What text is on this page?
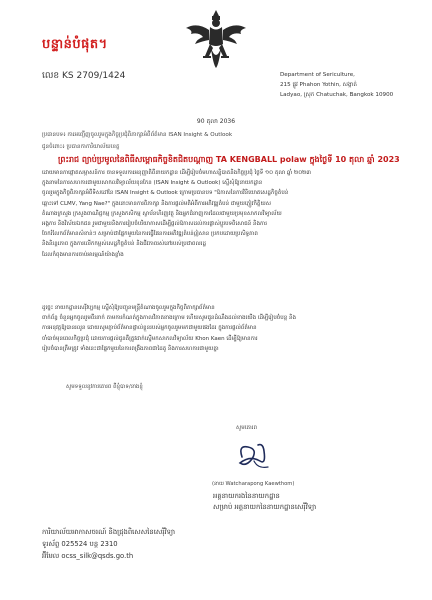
បន្ទាន់បំផុត។
លេខ KS 2709/1424	Department of Sericulture,
215 ផ្លូវ Phahon Yothin, សង្កាត់
Ladyao, ស្រុក Chatuchak, Bangkok 10900
90 តុលា 2036
ប្រធានបទ៖ ការអញ្ជើញចូលរួមក្នុងកិច្ចប្រជុំពិភាក្សាអំពីព័ត៌មាន ISAN Insight & Outlook
ជូនចំពោះ៖ ប្រធានកាការិយាល័យខេត្ត
ព្រះរាជ ព្យាប់ប្រមូលនៃពិធីសម្ពោធកិច្ចខិតជិតបណ្ដាញ TA KENGBALL polaw ក្នុងថ្ងៃទី 10 តុលា ឆ្នាំ 2023
ដោយមានកាផ្តោតសម្ភាសន៍ការ ចានទទួលការអនុញ្ញាតិពីនាយកដ្ឋាន ដើម្បីរៀបចំមហាសន្និបាតនិងកិច្ចប្រជុំ ថ្ងៃទី ១០ តុលា ឆ្នាំ ២០២៣
ក្នុងនាមនៃការសហការជាមួយសាកលវិទ្យាល័យខុនកែន (ISAN Insight & Outlook) ស្នើសុំឱ្យនាយកដ្ឋាន
ចូលរួមក្នុងកិច្ចពិភាក្សាអំពីទិសដៅនៃ ISAN Insight & Outlook ក្រោមប្រធានបទ "ឱកាសនៃការវិនិយោគសេដ្ឋកិច្ចតំបន់
ឆ្ពោះទៅ CLMV, Yang Nae?" ក្នុងនោះមានការពិភាក្សា និងការផ្ដល់មតិអំពីការអភិវឌ្ឍតំបន់ ជាមួយភ្ញៀវកិត្តិយស
តំណាងក្រសួង ក្រសួងពាណិជ្ជកម្ម ក្រសួងកសិកម្ម ស្ថាប័នហិរញ្ញវត្ថុ និងអ្នកជំនាញការដែលជាមួយប្រមុខសាកលវិទ្យាល័យ
អង្គការ និងវិស័យឯកជន រួមជាមួយនិងការរៀបចំបរិយាកាសដើម្បីផ្ដល់ឱកាសដល់ការផ្លាស់ប្ដូរបទពិសោធន៍ និងការ
ចែករំលែកព័ត៌មានសំខាន់ៗ សម្រាប់ជាផ្នែកមួយនៃការធ្វើផែនការអភិវឌ្ឍតំបន់ឦសាន ប្រកបដោយប្រសិទ្ធភាព
និងនិរន្តរភាព ក្នុងការលើកកម្ពស់សេដ្ឋកិច្ចតំបន់ និងជីវភាពរស់នៅរបស់ប្រជាពលរដ្ឋ
ដែលកំពុងមានការចាប់អារម្មណ៍យ៉ាងខ្លាំង
ដូច្នេះ នាយកដ្ឋានសេរ៉ីវប្បកម្ម ស្នើសុំឱ្យបញ្ជូនមន្ត្រីតំណាងចូលរួមក្នុងកិច្ចពិភាក្សាព័ត៌មាន
ពាក់ព័ន្ធ ចំនួនអ្នកចូលរួមពីរនាក់ តាមការកំណត់ក្នុងកាលវិភាគខាងក្រោម ហើយសូមជូនដំណឹងដល់ខាងយើង ដើម្បីរៀបចំបន្ត និង
ការអនុវត្តឱ្យបានរលូន ដោយសូមភ្ជាប់ព័ត៌មានផ្ទាល់ខ្លួនរបស់អ្នកចូលរួមមកជាមួយផងដែរ ក្នុងការផ្តល់ព័ត៌មាន
ចាំបាច់មុនពេលកិច្ចប្រជុំ ដោយការផ្តល់ជូនគឺត្រូវដាក់ស្នើមកសាកលវិទ្យាល័យ Khon Kaen ដើម្បីឱ្យមានការ
រៀបចំបានត្រឹមត្រូវ ទាំងនេះជាផ្នែកមួយនៃការពង្រឹងភាពជាដៃគូ និងការសហការជាមួយគ្នា
សូមទទួលនូវការគោរព ពីខ្ញុំបាទ/នាងខ្ញុំ
សូមគោរព
(នាយ Watcharapong Kaewthom)
អគ្គនាយករងនៃនាយកដ្ឋាន
សម្រាប់ អគ្គនាយកនៃនាយកដ្ឋានសេរ៉ីវិទ្យា
ការិយាល័យអាកាសចរណ៍ និងជ្រុងពិសេសនៃសេរ៉ីវិទ្យា
ទូរស័ព្ទ 025524 បន្ត 2310
អ៊ីមែល ocss_silk@qsds.go.th
